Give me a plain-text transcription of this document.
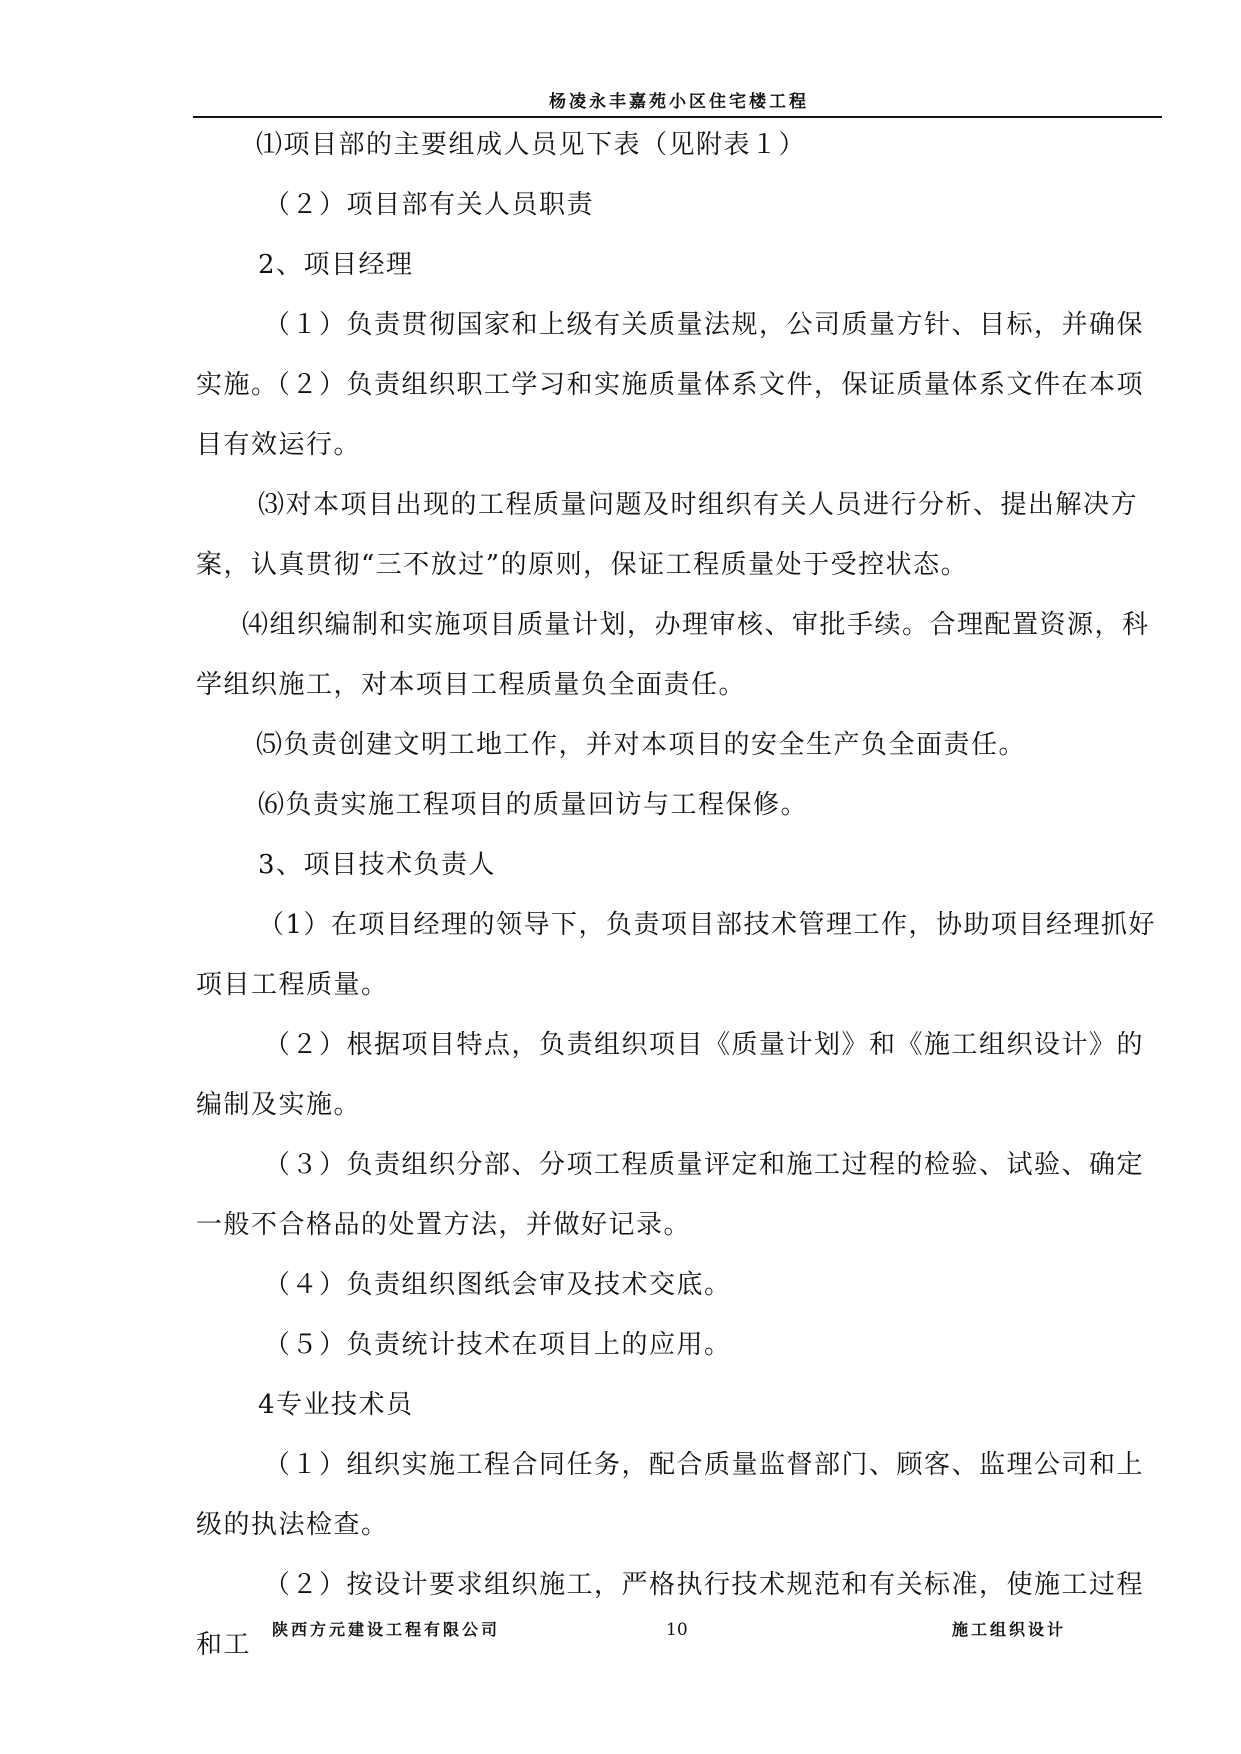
杨凌永丰嘉苑小区住宅楼工程

⑴项目部的主要组成人员见下表（见附表１）

（２）项目部有关人员职责

2、项目经理

（１）负责贯彻国家和上级有关质量法规，公司质量方针、目标，并确保实施。

（２）负责组织职工学习和实施质量体系文件，保证质量体系文件在本项目有效运行。

⑶对本项目出现的工程质量问题及时组织有关人员进行分析、提出解决方案，认真贯彻“三不放过”的原则，保证工程质量处于受控状态。

⑷组织编制和实施项目质量计划，办理审核、审批手续。合理配置资源，科学组织施工，对本项目工程质量负全面责任。

⑸负责创建文明工地工作，并对本项目的安全生产负全面责任。

⑹负责实施工程项目的质量回访与工程保修。

3、项目技术负责人

（1）在项目经理的领导下，负责项目部技术管理工作，协助项目经理抓好项目工程质量。

（２）根据项目特点，负责组织项目《质量计划》和《施工组织设计》的编制及实施。

（３）负责组织分部、分项工程质量评定和施工过程的检验、试验、确定一般不合格品的处置方法，并做好记录。

（４）负责组织图纸会审及技术交底。

（５）负责统计技术在项目上的应用。

4专业技术员

（１）组织实施工程合同任务，配合质量监督部门、顾客、监理公司和上级的执法检查。

（２）按设计要求组织施工，严格执行技术规范和有关标准，使施工过程和工

陕西方元建设工程有限公司	10	施工组织设计
